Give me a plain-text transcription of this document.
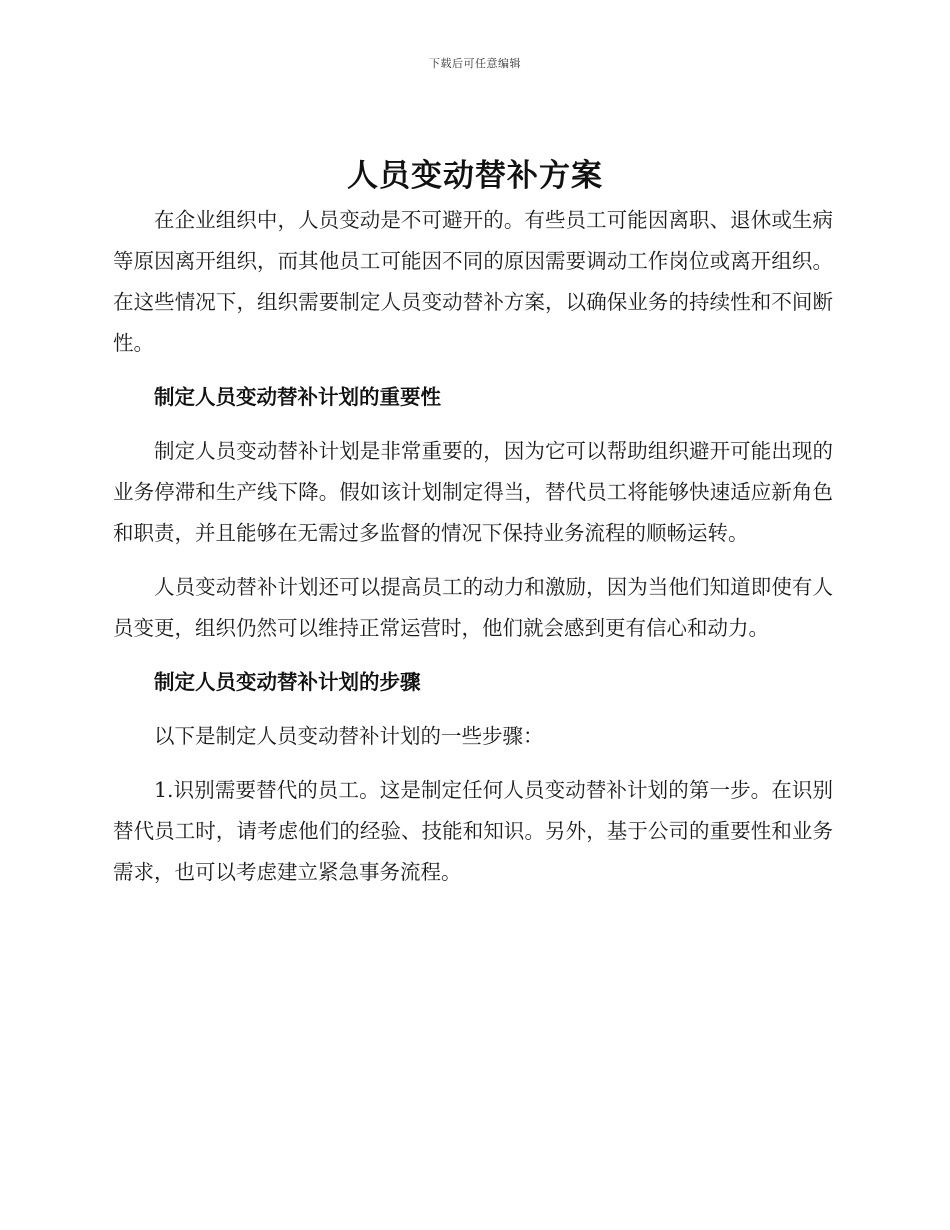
下载后可任意编辑
人员变动替补方案

在企业组织中，人员变动是不可避开的。有些员工可能因离职、退休或生病等原因离开组织，而其他员工可能因不同的原因需要调动工作岗位或离开组织。在这些情况下，组织需要制定人员变动替补方案，以确保业务的持续性和不间断性。

制定人员变动替补计划的重要性

制定人员变动替补计划是非常重要的，因为它可以帮助组织避开可能出现的业务停滞和生产线下降。假如该计划制定得当，替代员工将能够快速适应新角色和职责，并且能够在无需过多监督的情况下保持业务流程的顺畅运转。

人员变动替补计划还可以提高员工的动力和激励，因为当他们知道即使有人员变更，组织仍然可以维持正常运营时，他们就会感到更有信心和动力。

制定人员变动替补计划的步骤

以下是制定人员变动替补计划的一些步骤：

1.识别需要替代的员工。这是制定任何人员变动替补计划的第一步。在识别替代员工时，请考虑他们的经验、技能和知识。另外，基于公司的重要性和业务需求，也可以考虑建立紧急事务流程。
